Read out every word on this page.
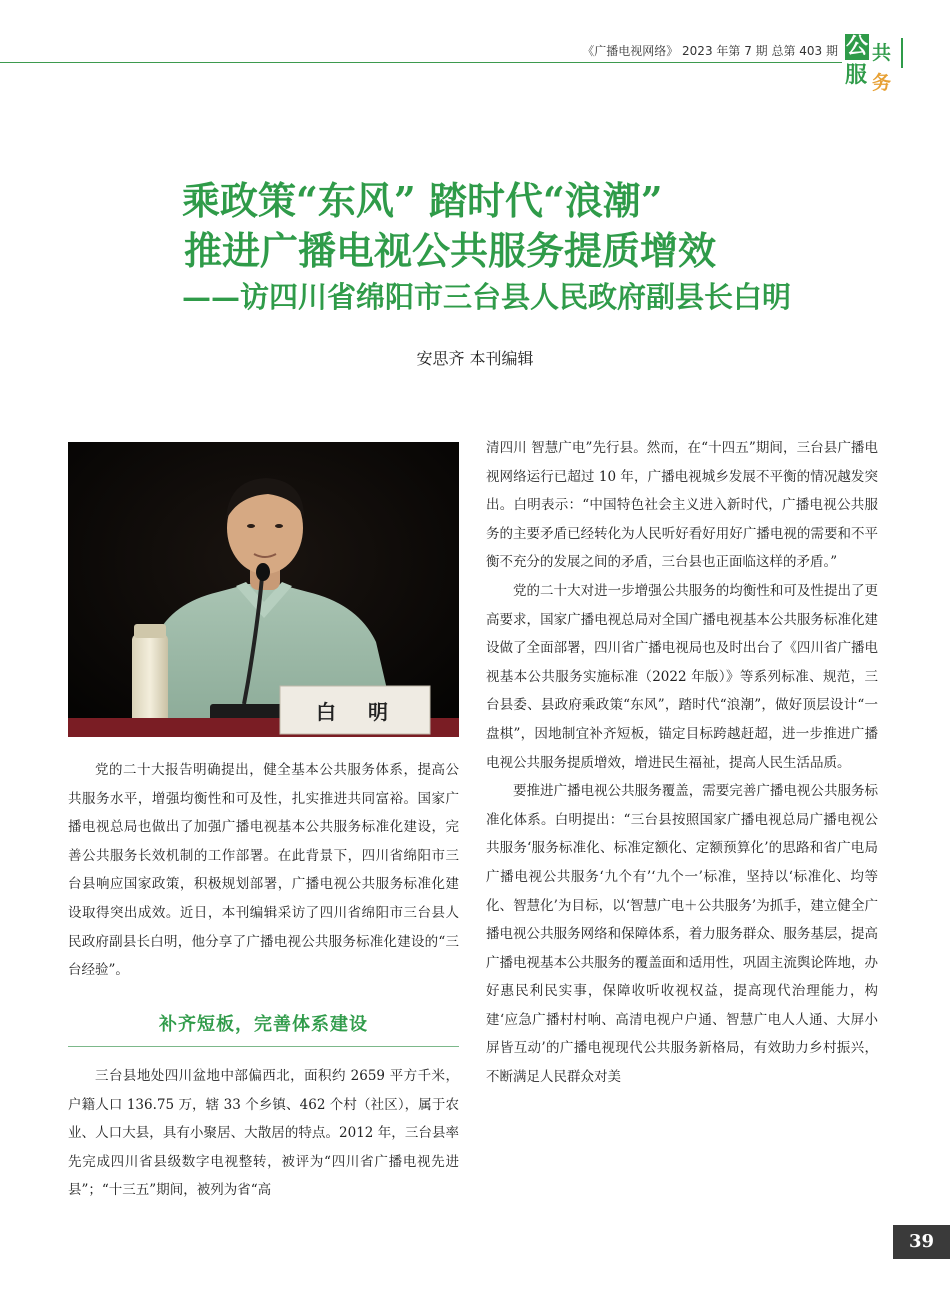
《广播电视网络》 2023 年第 7 期 总第 403 期 公 共
服 务
乘政策“东风” 踏时代“浪潮”
推进广播电视公共服务提质增效
——访四川省绵阳市三台县人民政府副县长白明
安思齐 本刊编辑
白　明

党的二十大报告明确提出，健全基本公共服务体系，提高公共服务水平，增强均衡性和可及性，扎实推进共同富裕。国家广播电视总局也做出了加强广播电视基本公共服务标准化建设，完善公共服务长效机制的工作部署。在此背景下，四川省绵阳市三台县响应国家政策，积极规划部署，广播电视公共服务标准化建设取得突出成效。近日，本刊编辑采访了四川省绵阳市三台县人民政府副县长白明，他分享了广播电视公共服务标准化建设的“三台经验”。

补齐短板，完善体系建设

三台县地处四川盆地中部偏西北，面积约 2659 平方千米，户籍人口 136.75 万，辖 33 个乡镇、462 个村（社区），属于农业、人口大县，具有小聚居、大散居的特点。2012 年，三台县率先完成四川省县级数字电视整转，被评为“四川省广播电视先进县”；“十三五”期间，被列为省“高

清四川 智慧广电”先行县。然而，在“十四五”期间，三台县广播电视网络运行已超过 10 年，广播电视城乡发展不平衡的情况越发突出。白明表示：“中国特色社会主义进入新时代，广播电视公共服务的主要矛盾已经转化为人民听好看好用好广播电视的需要和不平衡不充分的发展之间的矛盾，三台县也正面临这样的矛盾。”

党的二十大对进一步增强公共服务的均衡性和可及性提出了更高要求，国家广播电视总局对全国广播电视基本公共服务标准化建设做了全面部署，四川省广播电视局也及时出台了《四川省广播电视基本公共服务实施标准（2022 年版）》等系列标准、规范，三台县委、县政府乘政策“东风”，踏时代“浪潮”，做好顶层设计“一盘棋”，因地制宜补齐短板，锚定目标跨越赶超，进一步推进广播电视公共服务提质增效，增进民生福祉，提高人民生活品质。

要推进广播电视公共服务覆盖，需要完善广播电视公共服务标准化体系。白明提出：“三台县按照国家广播电视总局广播电视公共服务‘服务标准化、标准定额化、定额预算化’的思路和省广电局广播电视公共服务‘九个有’‘九个一’标准，坚持以‘标准化、均等化、智慧化’为目标，以‘智慧广电＋公共服务’为抓手，建立健全广播电视公共服务网络和保障体系，着力服务群众、服务基层，提高广播电视基本公共服务的覆盖面和适用性，巩固主流舆论阵地，办好惠民利民实事，保障收听收视权益，提高现代治理能力，构建‘应急广播村村响、高清电视户户通、智慧广电人人通、大屏小屏皆互动’的广播电视现代公共服务新格局，有效助力乡村振兴，不断满足人民群众对美

39
